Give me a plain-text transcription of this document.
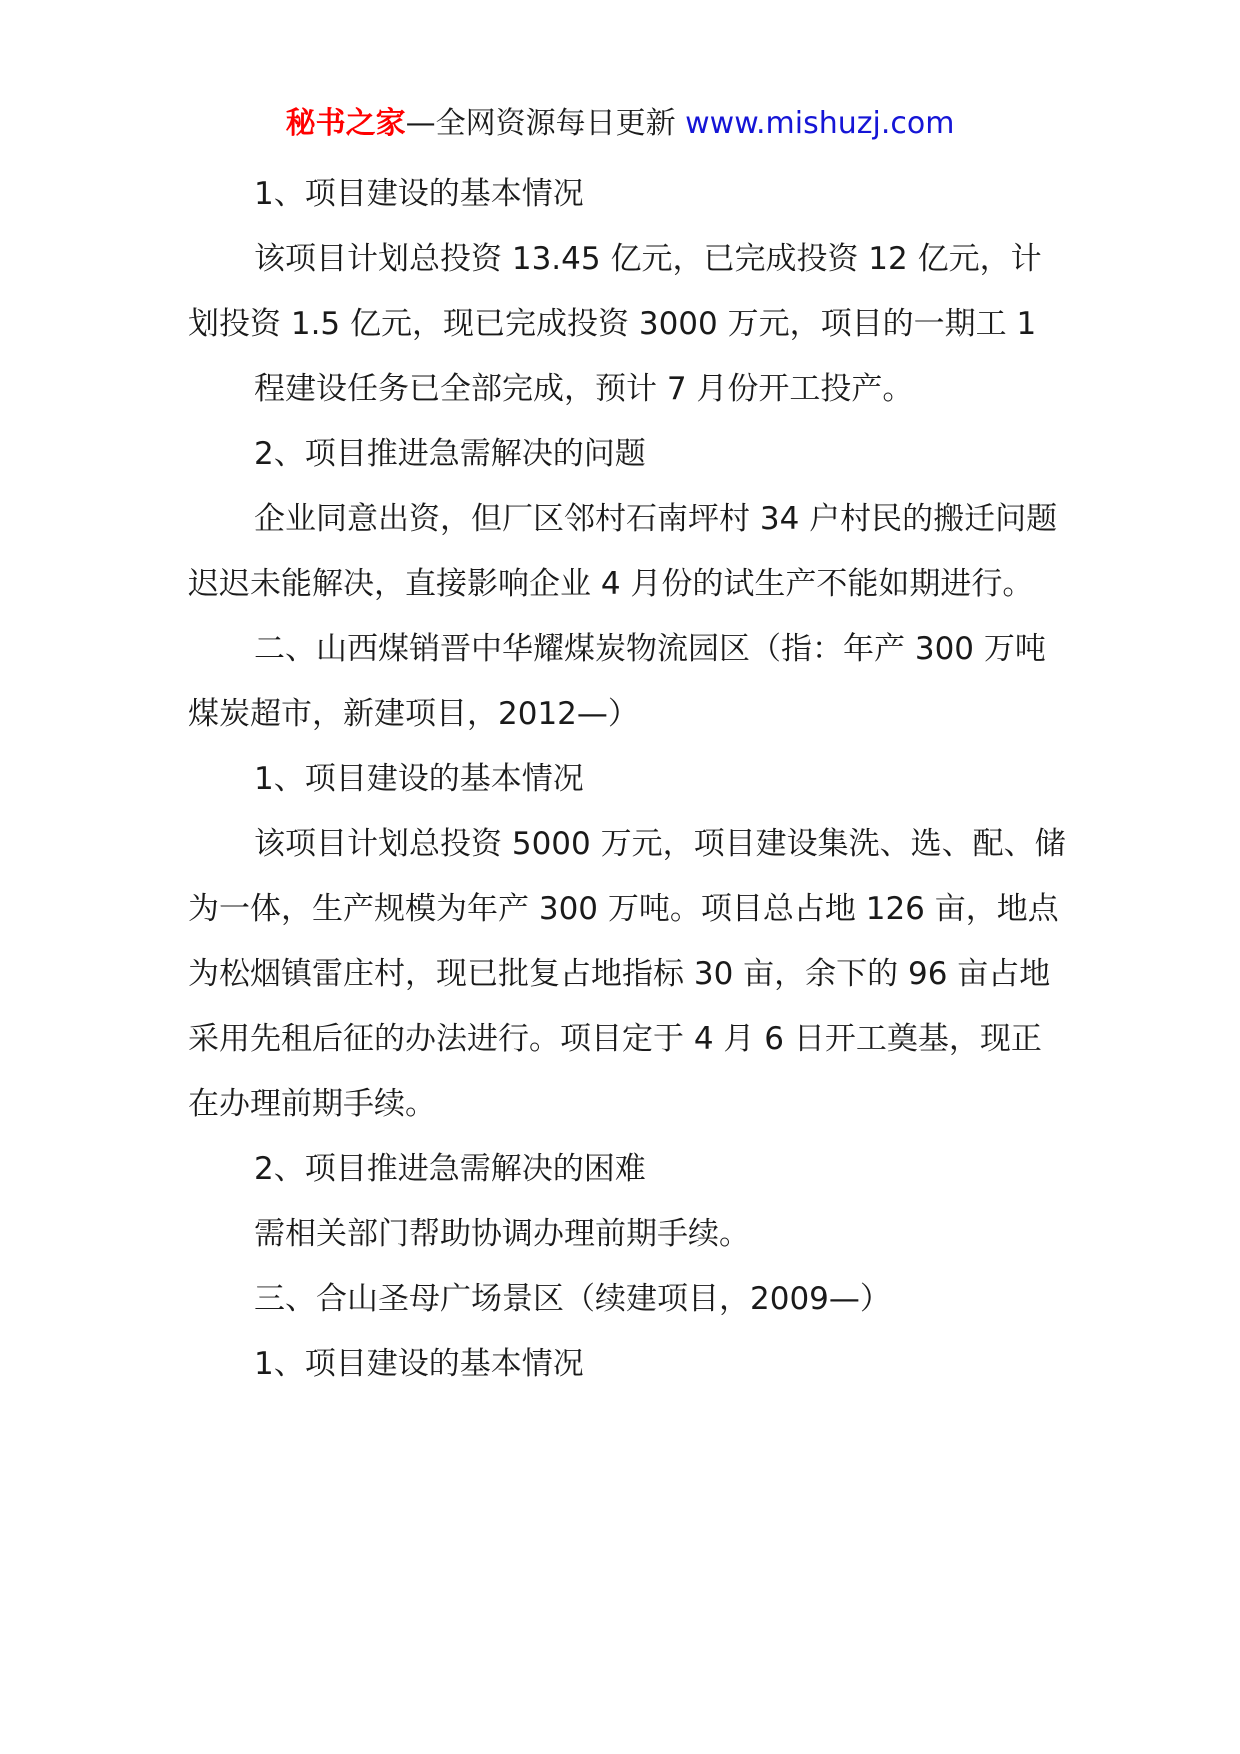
秘书之家—全网资源每日更新 www.mishuzj.com

1、项目建设的基本情况

该项目计划总投资 13.45 亿元，已完成投资 12 亿元，计划投资 1.5 亿元，现已完成投资 3000 万元，项目的一期工 1

程建设任务已全部完成，预计 7 月份开工投产。

2、项目推进急需解决的问题

企业同意出资，但厂区邻村石南坪村 34 户村民的搬迁问题迟迟未能解决，直接影响企业 4 月份的试生产不能如期进行。

二、山西煤销晋中华耀煤炭物流园区（指：年产 300 万吨煤炭超市，新建项目，2012—）

1、项目建设的基本情况

该项目计划总投资 5000 万元，项目建设集洗、选、配、储为一体，生产规模为年产 300 万吨。项目总占地 126 亩，地点为松烟镇雷庄村，现已批复占地指标 30 亩，余下的 96 亩占地采用先租后征的办法进行。项目定于 4 月 6 日开工奠基，现正在办理前期手续。

2、项目推进急需解决的困难

需相关部门帮助协调办理前期手续。

三、合山圣母广场景区（续建项目，2009—）

1、项目建设的基本情况
